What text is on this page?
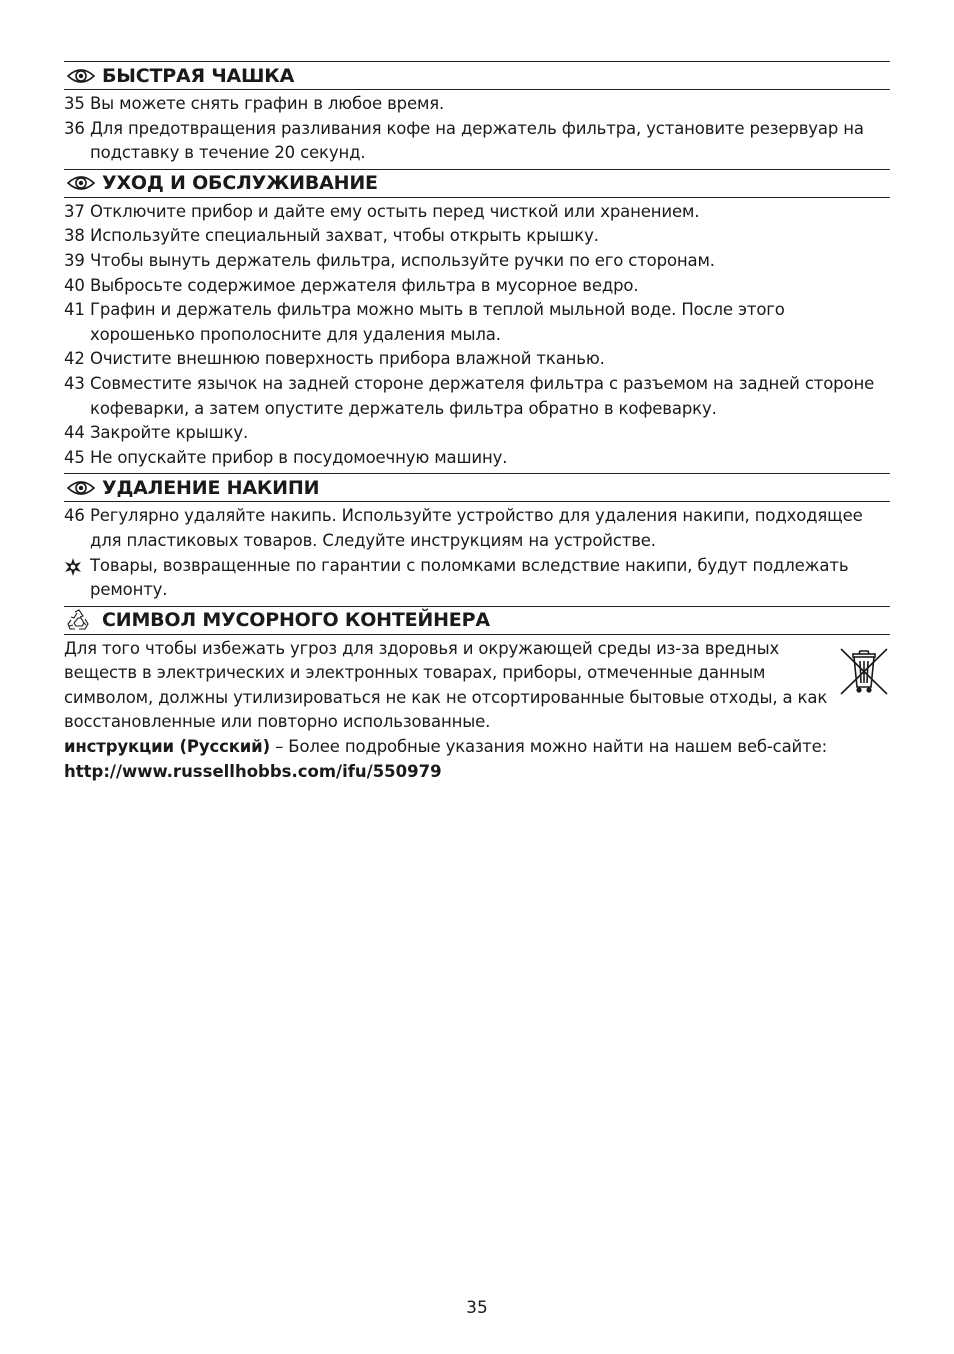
БЫСТРАЯ ЧАШКА
35 Вы можете снять графин в любое время.
36 Для предотвращения разливания кофе на держатель фильтра, установите резервуар на подставку в течение 20 секунд.
УХОД И ОБСЛУЖИВАНИЕ
37 Отключите прибор и дайте ему остыть перед чисткой или хранением.
38 Используйте специальный захват, чтобы открыть крышку.
39 Чтобы вынуть держатель фильтра, используйте ручки по его сторонам.
40 Выбросьте содержимое держателя фильтра в мусорное ведро.
41 Графин и держатель фильтра можно мыть в теплой мыльной воде. После этого хорошенько прополосните для удаления мыла.
42 Очистите внешнюю поверхность прибора влажной тканью.
43 Совместите язычок на задней стороне держателя фильтра с разъемом на задней стороне кофеварки, а затем опустите держатель фильтра обратно в кофеварку.
44 Закройте крышку.
45 Не опускайте прибор в посудомоечную машину.
УДАЛЕНИЕ НАКИПИ
46 Регулярно удаляйте накипь. Используйте устройство для удаления накипи, подходящее для пластиковых товаров. Следуйте инструкциям на устройстве.
Товары, возвращенные по гарантии с поломками вследствие накипи, будут подлежать ремонту.
СИМВОЛ МУСОРНОГО КОНТЕЙНЕРА
Для того чтобы избежать угроз для здоровья и окружающей среды из-за вредных веществ в электрических и электронных товарах, приборы, отмеченные данным символом, должны утилизироваться не как не отсортированные бытовые отходы, а как восстановленные или повторно использованные.
инструкции (Русский) – Более подробные указания можно найти на нашем веб-сайте:
http://www.russellhobbs.com/ifu/550979
35
